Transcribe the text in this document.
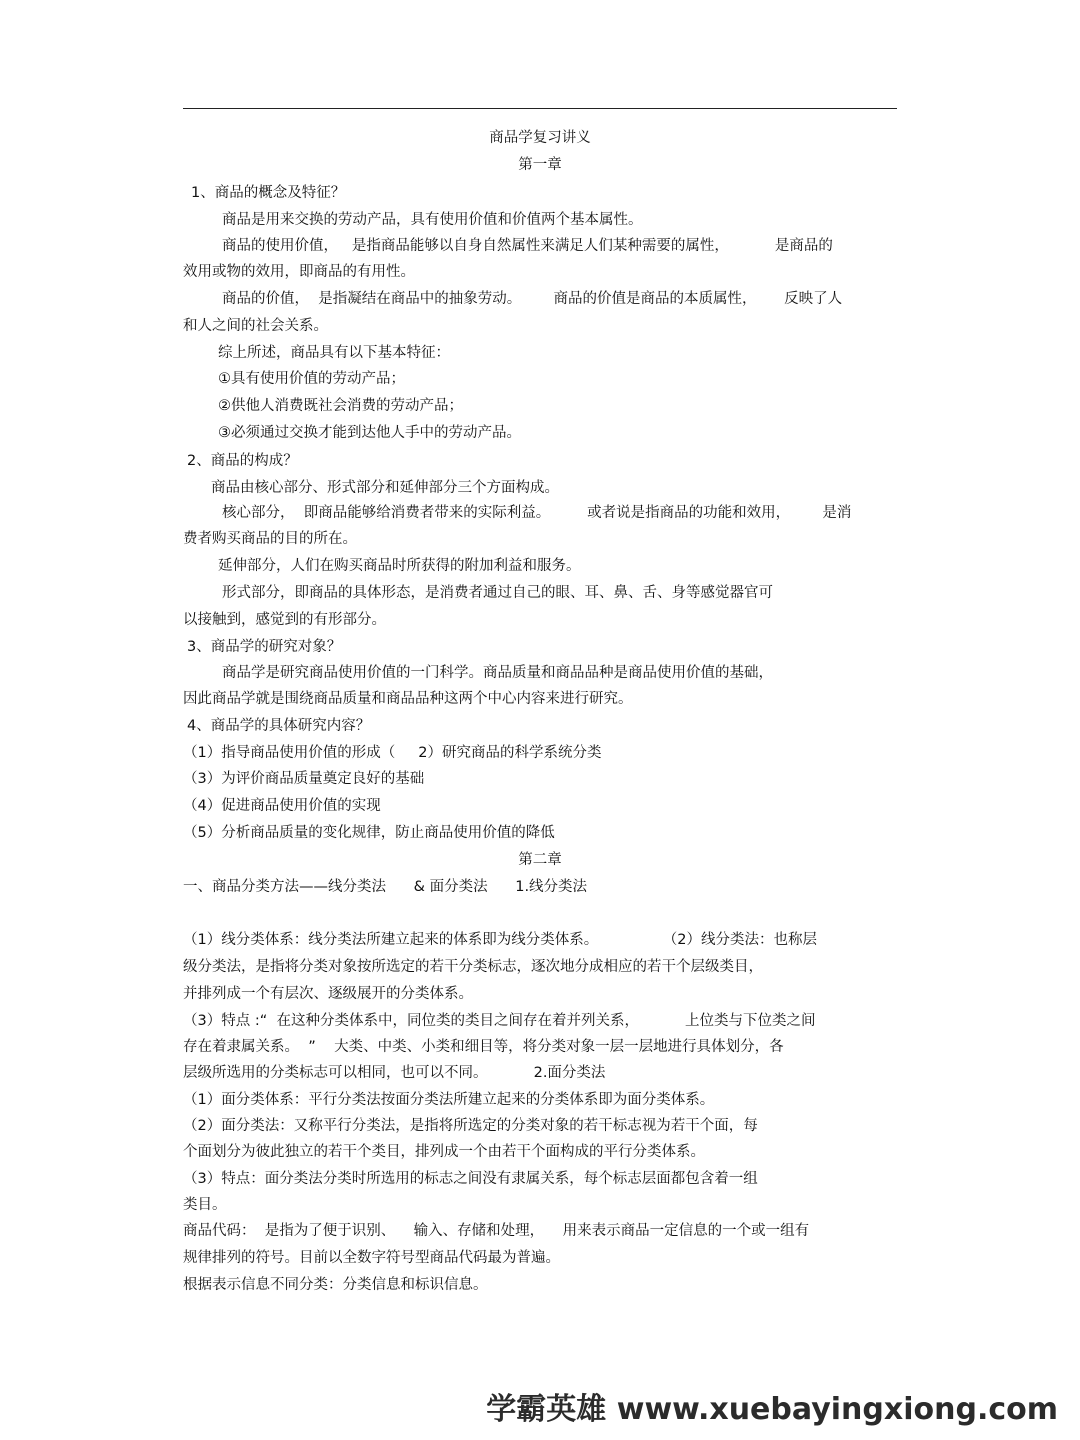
商品学复习讲义
第一章
1、商品的概念及特征？
商品是用来交换的劳动产品，具有使用价值和价值两个基本属性。
商品的使用价值，   是指商品能够以自身自然属性来满足人们某种需要的属性，          是商品的
效用或物的效用，即商品的有用性。
商品的价值，  是指凝结在商品中的抽象劳动。       商品的价值是商品的本质属性，      反映了人
和人之间的社会关系。
综上所述，商品具有以下基本特征：
①具有使用价值的劳动产品；
②供他人消费既社会消费的劳动产品；
③必须通过交换才能到达他人手中的劳动产品。
2、商品的构成？
商品由核心部分、形式部分和延伸部分三个方面构成。
核心部分，  即商品能够给消费者带来的实际利益。        或者说是指商品的功能和效用，       是消
费者购买商品的目的所在。
延伸部分，人们在购买商品时所获得的附加利益和服务。
形式部分，即商品的具体形态，是消费者通过自己的眼、耳、鼻、舌、身等感觉器官可
以接触到，感觉到的有形部分。
3、商品学的研究对象？
商品学是研究商品使用价值的一门科学。商品质量和商品品种是商品使用价值的基础，
因此商品学就是围绕商品质量和商品品种这两个中心内容来进行研究。
4、商品学的具体研究内容？
（1）指导商品使用价值的形成（     2）研究商品的科学系统分类
（3）为评价商品质量奠定良好的基础
（4）促进商品使用价值的实现
（5）分析商品质量的变化规律，防止商品使用价值的降低
第二章
一、商品分类方法——线分类法      & 面分类法      1.线分类法
（1）线分类体系：线分类法所建立起来的体系即为线分类体系。              （2）线分类法：也称层
级分类法，是指将分类对象按所选定的若干分类标志，逐次地分成相应的若干个层级类目，
并排列成一个有层次、逐级展开的分类体系。
（3）特点 :“  在这种分类体系中，同位类的类目之间存在着并列关系，          上位类与下位类之间
存在着隶属关系。  ”    大类、中类、小类和细目等，将分类对象一层一层地进行具体划分，各
层级所选用的分类标志可以相同，也可以不同。          2.面分类法
（1）面分类体系：平行分类法按面分类法所建立起来的分类体系即为面分类体系。
（2）面分类法：又称平行分类法，是指将所选定的分类对象的若干标志视为若干个面，每
个面划分为彼此独立的若干个类目，排列成一个由若干个面构成的平行分类体系。
（3）特点：面分类法分类时所选用的标志之间没有隶属关系，每个标志层面都包含着一组
类目。
商品代码：  是指为了便于识别、    输入、存储和处理，    用来表示商品一定信息的一个或一组有
规律排列的符号。目前以全数字符号型商品代码最为普遍。
根据表示信息不同分类：分类信息和标识信息。
学霸英雄 www.xuebayingxiong.com
